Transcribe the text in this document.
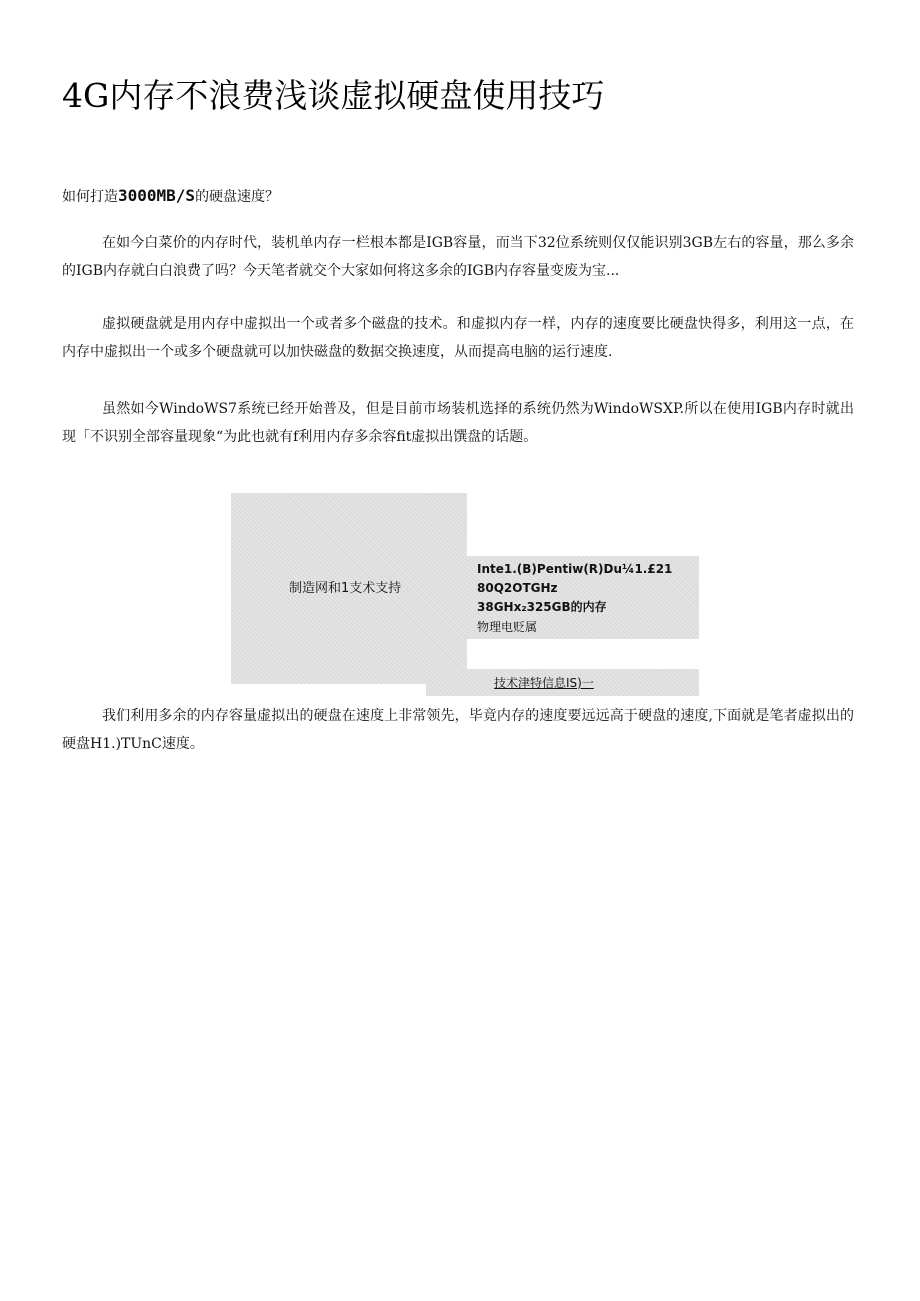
4G内存不浪费浅谈虚拟硬盘使用技巧
如何打造3000MB/S的硬盘速度？

在如今白菜价的内存时代，装机单内存一栏根本都是IGB容量，而当下32位系统则仅仅能识别3GB左右的容量，那么多余的IGB内存就白白浪费了吗？今天笔者就交个大家如何将这多余的IGB内存容量变废为宝...

虚拟硬盘就是用内存中虚拟出一个或者多个磁盘的技术。和虚拟内存一样，内存的速度要比硬盘快得多，利用这一点，在内存中虚拟出一个或多个硬盘就可以加快磁盘的数据交换速度，从而提高电脑的运行速度.

虽然如今WindoWS7系统已经开始普及，但是目前市场装机选择的系统仍然为WindoWSXP.所以在使用IGB内存时就出现「不识别全部容量现象“为此也就有f利用内存多余容fit虚拟出馔盘的话题。

制造网和1支术支持
Inte1.(B)Pentiw(R)Du¼1.£21
80Q2OTGHz
38GHx₂325GB的内存
物理电贬属
技术津特信息IS)一

我们利用多余的内存容量虚拟出的硬盘在速度上非常领先，毕竟内存的速度要远远高于硬盘的速度,下面就是笔者虚拟出的硬盘H1.)TUnC速度。
